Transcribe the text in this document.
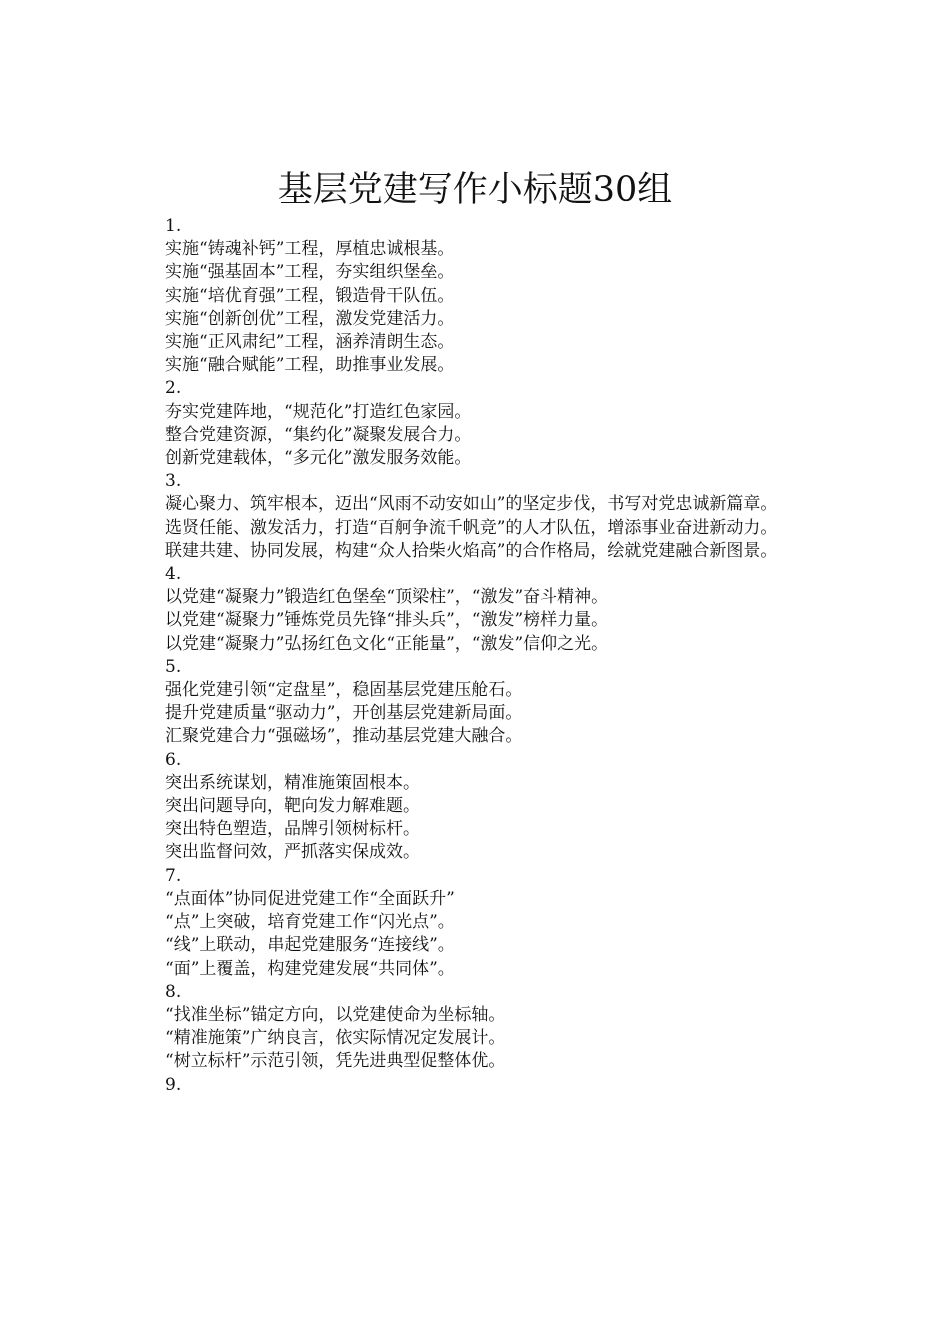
基层党建写作小标题30组

1.

实施“铸魂补钙”工程，厚植忠诚根基。

实施“强基固本”工程，夯实组织堡垒。

实施“培优育强”工程，锻造骨干队伍。

实施“创新创优”工程，激发党建活力。

实施“正风肃纪”工程，涵养清朗生态。

实施“融合赋能”工程，助推事业发展。

2.

夯实党建阵地，“规范化”打造红色家园。

整合党建资源，“集约化”凝聚发展合力。

创新党建载体，“多元化”激发服务效能。

3.

凝心聚力、筑牢根本，迈出“风雨不动安如山”的坚定步伐，书写对党忠诚新篇章。

选贤任能、激发活力，打造“百舸争流千帆竞”的人才队伍，增添事业奋进新动力。

联建共建、协同发展，构建“众人拾柴火焰高”的合作格局，绘就党建融合新图景。

4.

以党建“凝聚力”锻造红色堡垒“顶梁柱”，“激发”奋斗精神。

以党建“凝聚力”锤炼党员先锋“排头兵”，“激发”榜样力量。

以党建“凝聚力”弘扬红色文化“正能量”，“激发”信仰之光。

5.

强化党建引领“定盘星”，稳固基层党建压舱石。

提升党建质量“驱动力”，开创基层党建新局面。

汇聚党建合力“强磁场”，推动基层党建大融合。

6.

突出系统谋划，精准施策固根本。

突出问题导向，靶向发力解难题。

突出特色塑造，品牌引领树标杆。

突出监督问效，严抓落实保成效。

7.

“点面体”协同促进党建工作“全面跃升”

“点”上突破，培育党建工作“闪光点”。

“线”上联动，串起党建服务“连接线”。

“面”上覆盖，构建党建发展“共同体”。

8.

“找准坐标”锚定方向，以党建使命为坐标轴。

“精准施策”广纳良言，依实际情况定发展计。

“树立标杆”示范引领，凭先进典型促整体优。

9.
